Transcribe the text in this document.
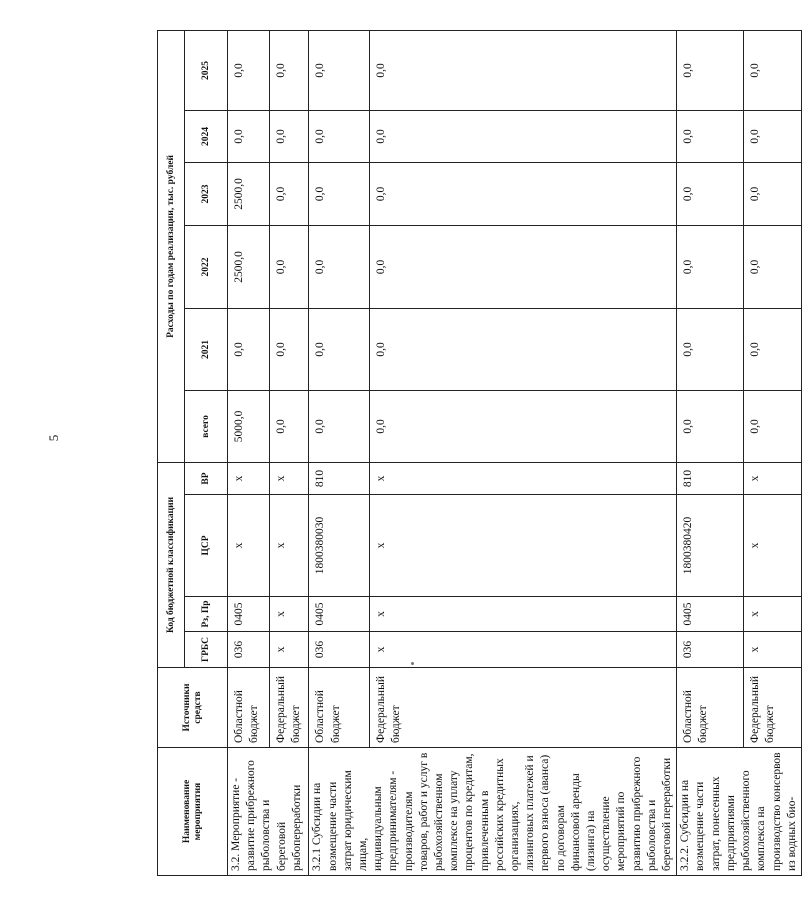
5
Наименование мероприятия	Источники средств	Код бюджетной классификации				Расходы по годам реализации, тыс. рублей					
		ГРБС	Рз, Пр	ЦСР	ВР	всего	2021	2022	2023	2024	2025
3.2. Мероприятие - развитие прибрежного рыболовства и береговой рыбопереработки	Областной бюджет	036	0405	х	х	5000,0	0,0	2500,0	2500,0	0,0	0,0
	Федеральный бюджет	х	х	х	х	0,0	0,0	0,0	0,0	0,0	0,0
3.2.1 Субсидии на возмещение части затрат юридическим лицам, индивидуальным предпринимателям - производителям товаров, работ и услуг в рыбохозяйственном комплексе на уплату процентов по кредитам, привлеченным в российских кредитных организациях, лизинговых платежей и первого взноса (аванса) по договорам финансовой аренды (лизинга) на осуществление мероприятий по развитию прибрежного рыболовства и береговой переработки	Областной бюджет	036	0405	1800380030	810	0,0	0,0	0,0	0,0	0,0	0,0
	Федеральный бюджет	х	х	х	х	0,0	0,0	0,0	0,0	0,0	0,0
3.2.2. Субсидии на возмещение части затрат, понесенных предприятиями рыбохозяйственного комплекса на производство консервов из водных био-	Областной бюджет	036	0405	1800380420	810	0,0	0,0	0,0	0,0	0,0	0,0
	Федеральный бюджет	х	х	х	х	0,0	0,0	0,0	0,0	0,0	0,0
